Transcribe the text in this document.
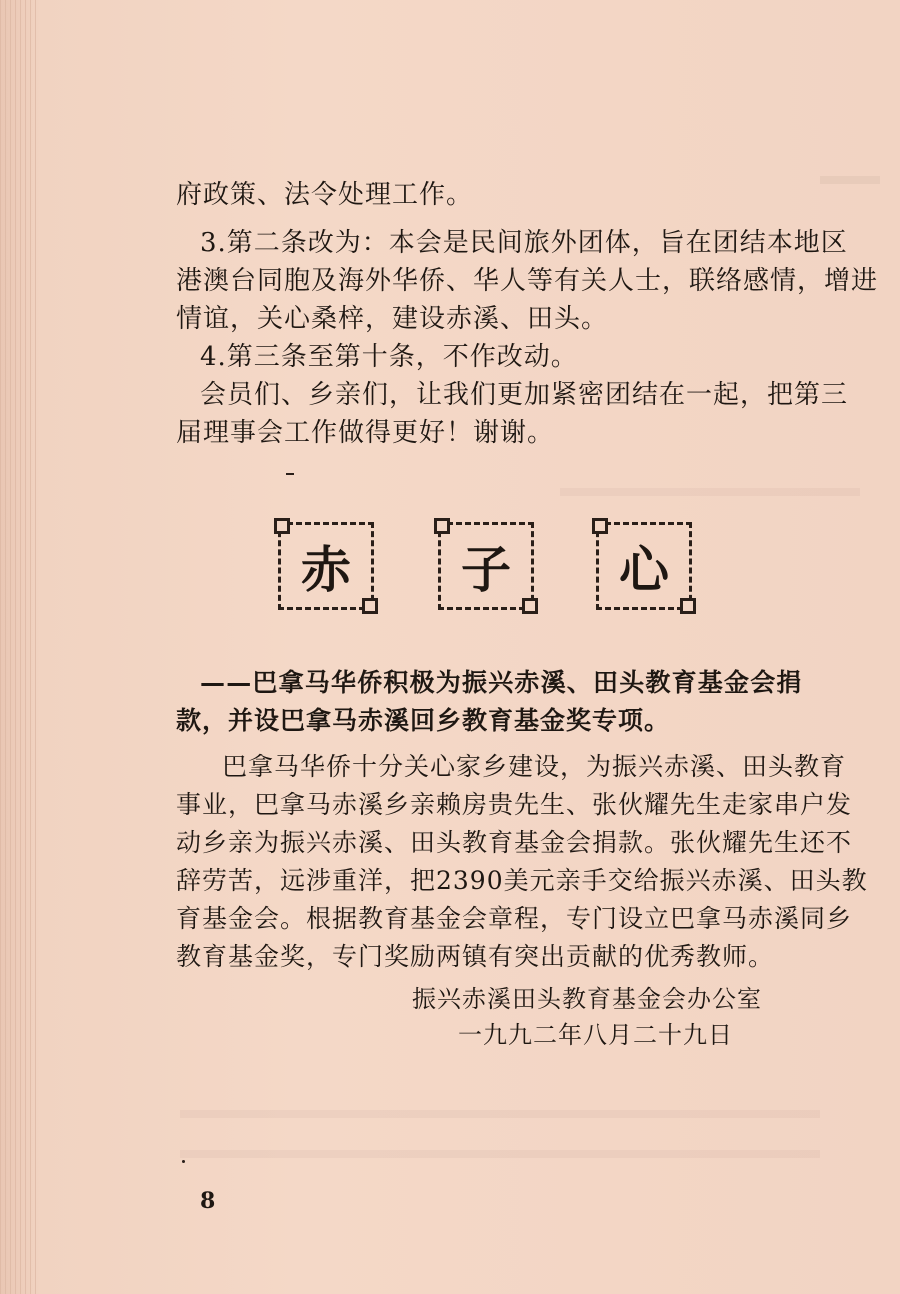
府政策、法令处理工作。
3.第二条改为：本会是民间旅外团体，旨在团结本地区
港澳台同胞及海外华侨、华人等有关人士，联络感情，增进
情谊，关心桑梓，建设赤溪、田头。
4.第三条至第十条，不作改动。
会员们、乡亲们，让我们更加紧密团结在一起，把第三
届理事会工作做得更好！谢谢。
赤	子	心
——巴拿马华侨积极为振兴赤溪、田头教育基金会捐
款，并设巴拿马赤溪回乡教育基金奖专项。
巴拿马华侨十分关心家乡建设，为振兴赤溪、田头教育
事业，巴拿马赤溪乡亲赖房贵先生、张伙耀先生走家串户发
动乡亲为振兴赤溪、田头教育基金会捐款。张伙耀先生还不
辞劳苦，远涉重洋，把2390美元亲手交给振兴赤溪、田头教
育基金会。根据教育基金会章程，专门设立巴拿马赤溪同乡
教育基金奖，专门奖励两镇有突出贡献的优秀教师。
振兴赤溪田头教育基金会办公室
一九九二年八月二十九日
8
